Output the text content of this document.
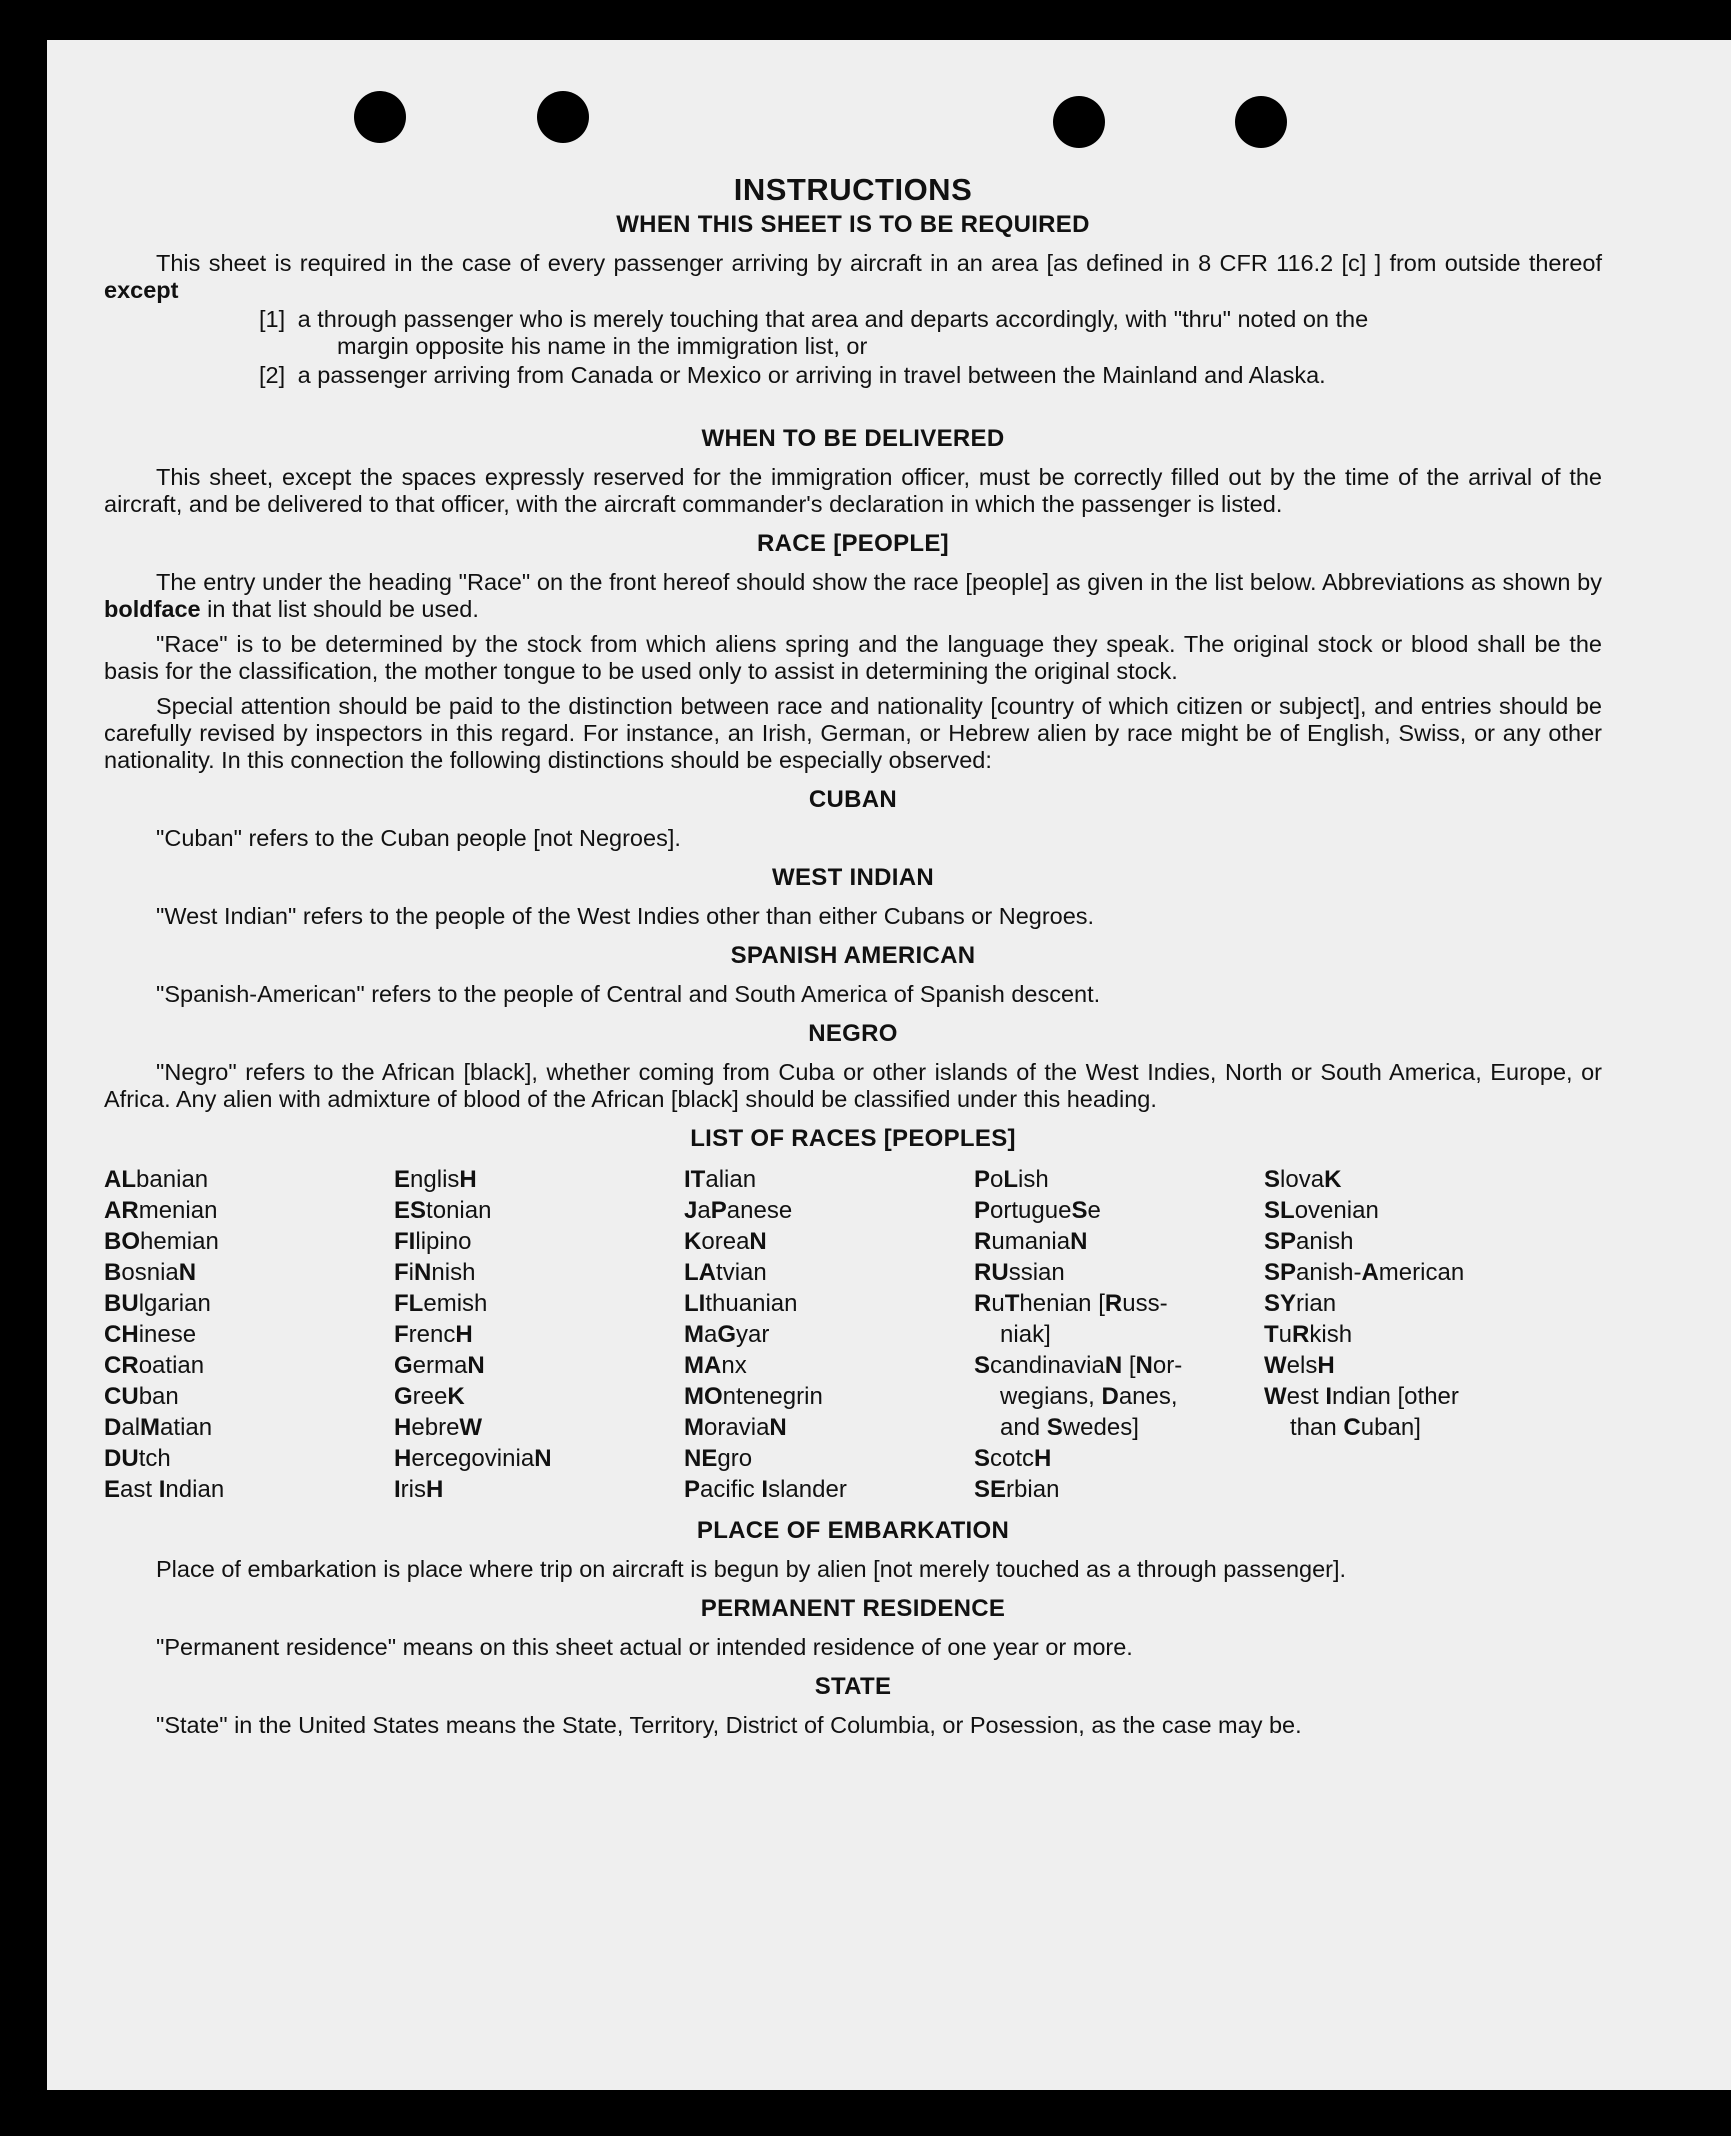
INSTRUCTIONS
WHEN THIS SHEET IS TO BE REQUIRED
This sheet is required in the case of every passenger arriving by aircraft in an area [as defined in 8 CFR 116.2 [c] ] from outside thereof except
[1] a through passenger who is merely touching that area and departs accordingly, with "thru" noted on the
margin opposite his name in the immigration list, or
[2] a passenger arriving from Canada or Mexico or arriving in travel between the Mainland and Alaska.
WHEN TO BE DELIVERED
This sheet, except the spaces expressly reserved for the immigration officer, must be correctly filled out by the time of the arrival of the aircraft, and be delivered to that officer, with the aircraft commander's declaration in which the passenger is listed.
RACE [PEOPLE]
The entry under the heading "Race" on the front hereof should show the race [people] as given in the list below. Abbreviations as shown by boldface in that list should be used.
"Race" is to be determined by the stock from which aliens spring and the language they speak. The original stock or blood shall be the basis for the classification, the mother tongue to be used only to assist in determining the original stock.
Special attention should be paid to the distinction between race and nationality [country of which citizen or subject], and entries should be carefully revised by inspectors in this regard. For instance, an Irish, German, or Hebrew alien by race might be of English, Swiss, or any other nationality. In this connection the following distinctions should be especially observed:
CUBAN
"Cuban" refers to the Cuban people [not Negroes].
WEST INDIAN
"West Indian" refers to the people of the West Indies other than either Cubans or Negroes.
SPANISH AMERICAN
"Spanish-American" refers to the people of Central and South America of Spanish descent.
NEGRO
"Negro" refers to the African [black], whether coming from Cuba or other islands of the West Indies, North or South America, Europe, or Africa. Any alien with admixture of blood of the African [black] should be classified under this heading.
LIST OF RACES [PEOPLES]
ALbanian
ARmenian
BOhemian
BosniaN
BUlgarian
CHinese
CRoatian
CUban
DalMatian
DUtch
East Indian
EnglisH
EStonian
FIlipino
FiNnish
FLemish
FrencH
GermaN
GreeK
HebreW
HercegoviniaN
IrisH
ITalian
JaPanese
KoreaN
LAtvian
LIthuanian
MaGyar
MAnx
MOntenegrin
MoraviaN
NEgro
Pacific Islander
PoLish
PortugueSe
RumaniaN
RUssian
RuThenian [Russ-
niak]
ScandinaviaN [Nor-
wegians, Danes,
and Swedes]
ScotcH
SErbian
SlovaK
SLovenian
SPanish
SPanish-American
SYrian
TuRkish
WelsH
West Indian [other
than Cuban]
PLACE OF EMBARKATION
Place of embarkation is place where trip on aircraft is begun by alien [not merely touched as a through passenger].
PERMANENT RESIDENCE
"Permanent residence" means on this sheet actual or intended residence of one year or more.
STATE
"State" in the United States means the State, Territory, District of Columbia, or Posession, as the case may be.
